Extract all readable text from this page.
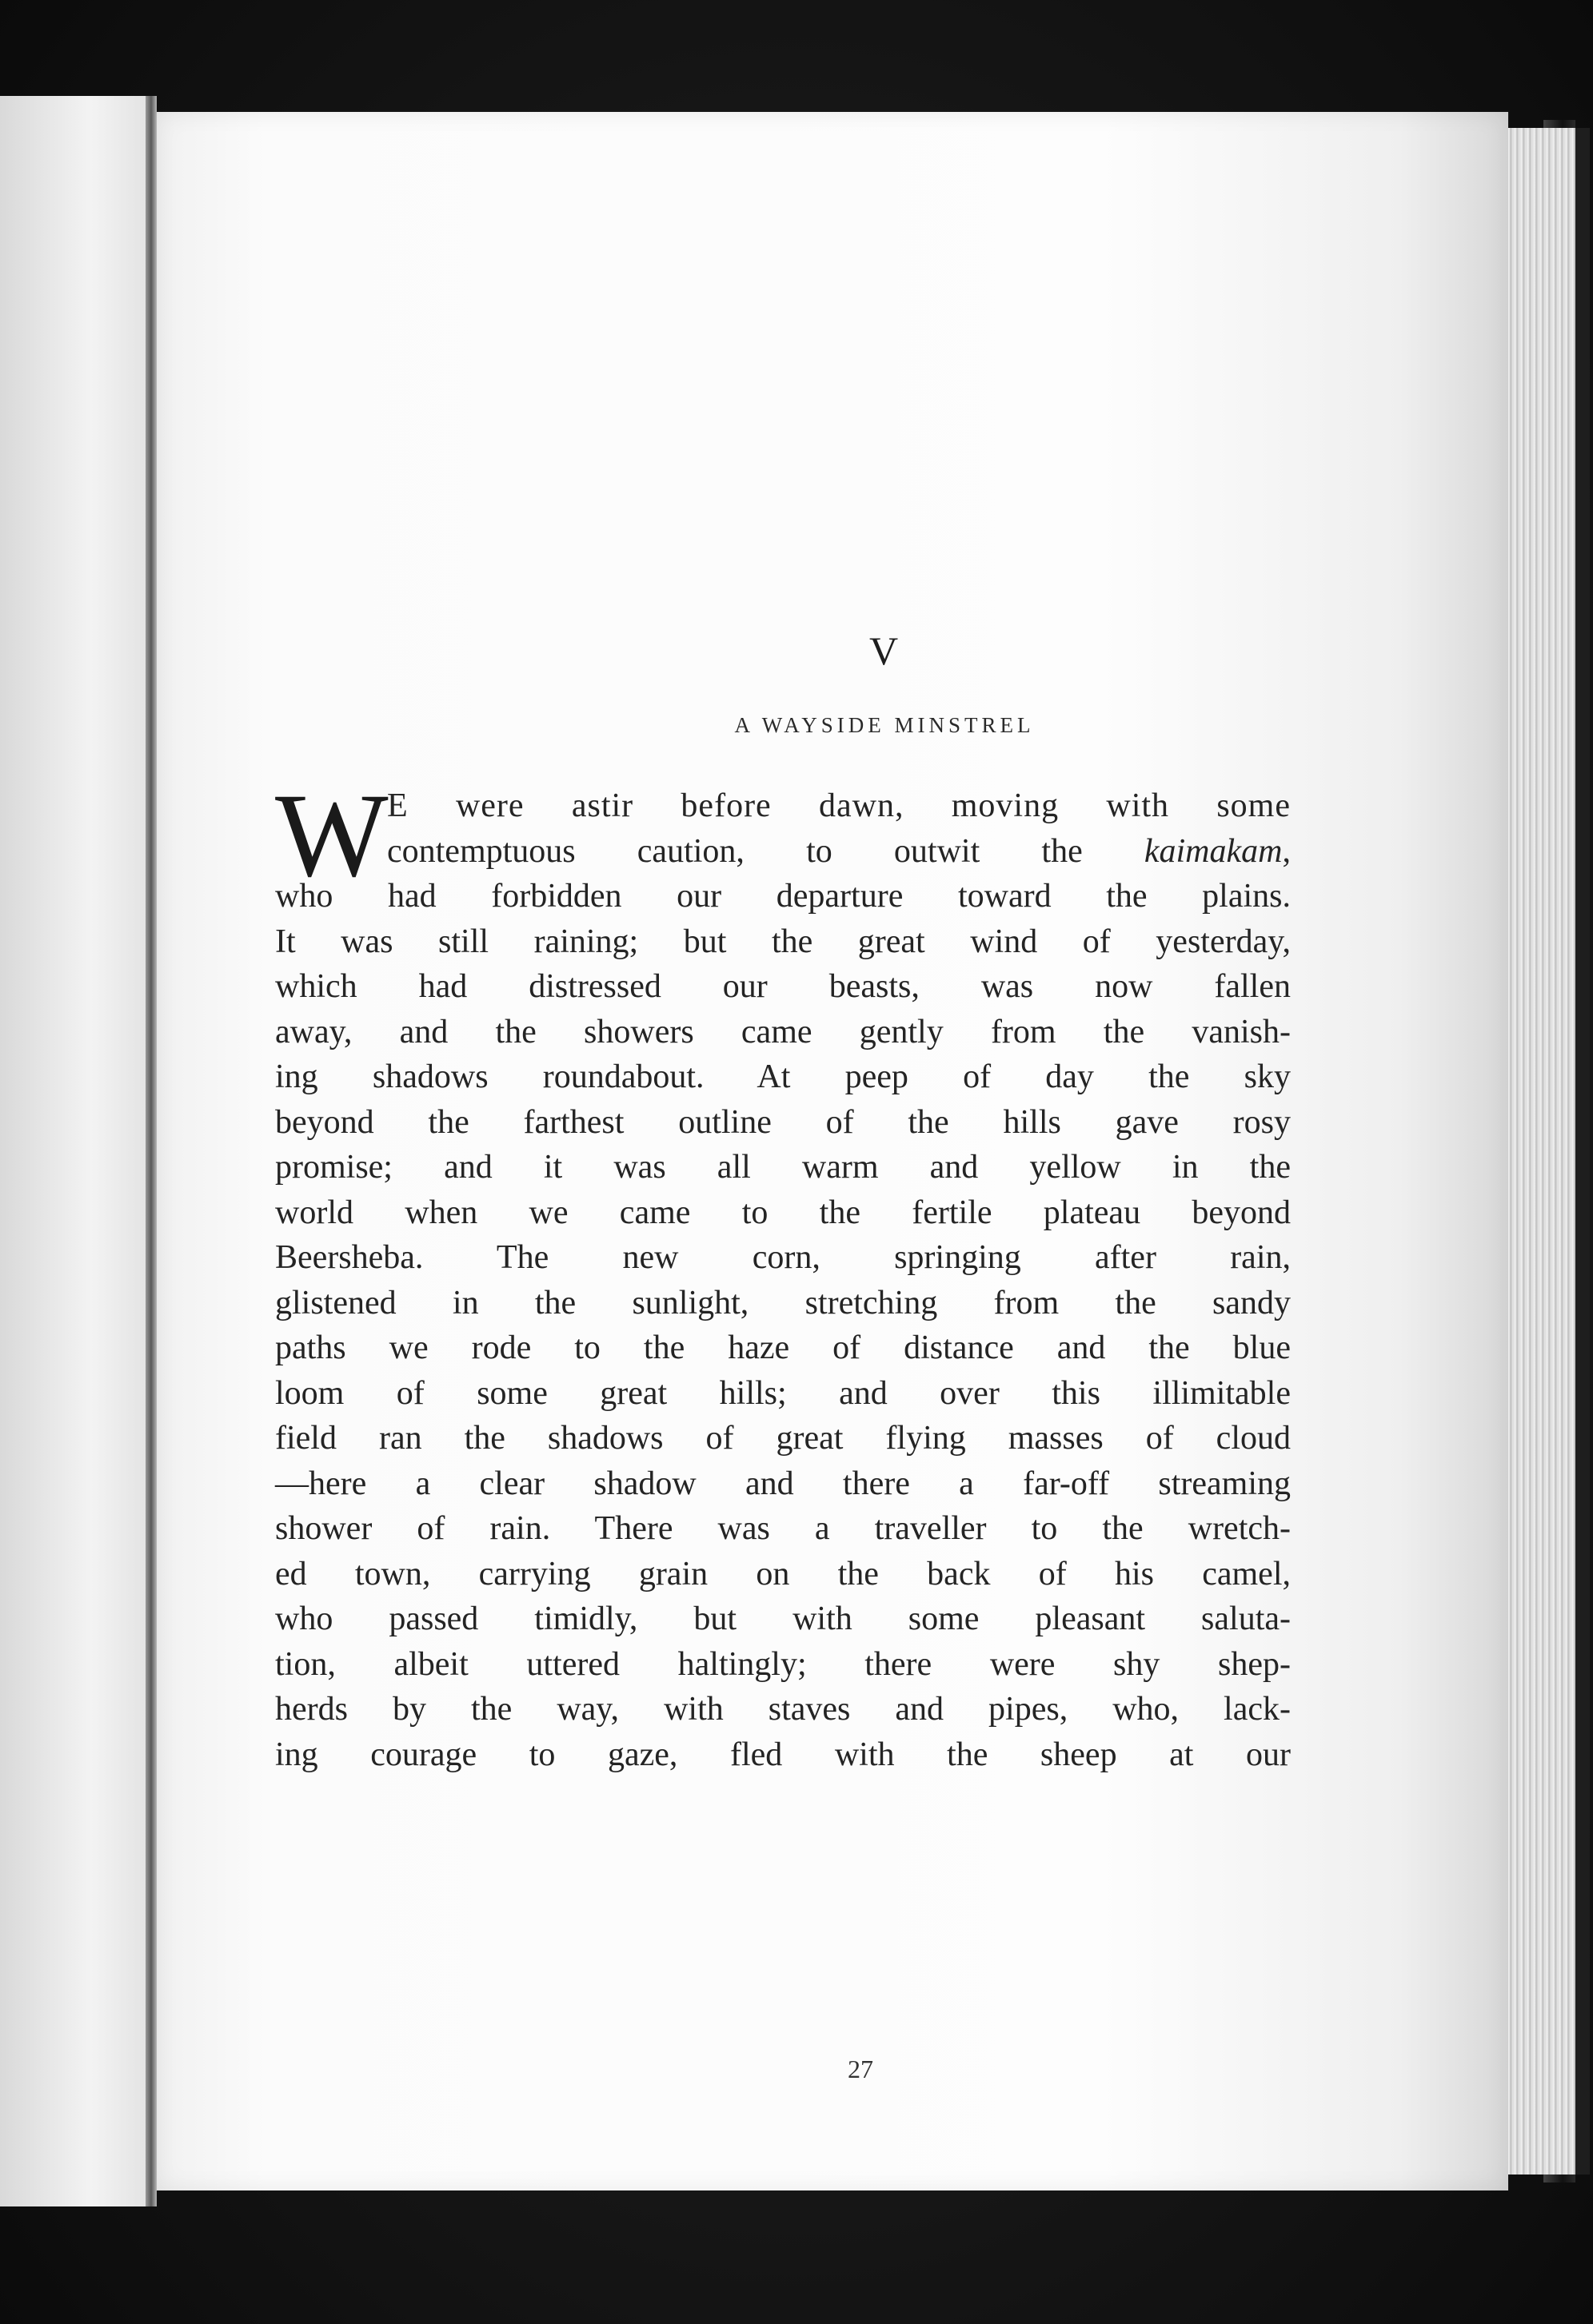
V
A WAYSIDE MINSTREL
W
E were astir before dawn, moving with some
contemptuous caution, to outwit the kaimakam,
who had forbidden our departure toward the plains.
It was still raining; but the great wind of yesterday,
which had distressed our beasts, was now fallen
away, and the showers came gently from the vanish-
ing shadows roundabout. At peep of day the sky
beyond the farthest outline of the hills gave rosy
promise; and it was all warm and yellow in the
world when we came to the fertile plateau beyond
Beersheba. The new corn, springing after rain,
glistened in the sunlight, stretching from the sandy
paths we rode to the haze of distance and the blue
loom of some great hills; and over this illimitable
field ran the shadows of great flying masses of cloud
—here a clear shadow and there a far-off streaming
shower of rain. There was a traveller to the wretch-
ed town, carrying grain on the back of his camel,
who passed timidly, but with some pleasant saluta-
tion, albeit uttered haltingly; there were shy shep-
herds by the way, with staves and pipes, who, lack-
ing courage to gaze, fled with the sheep at our
27
